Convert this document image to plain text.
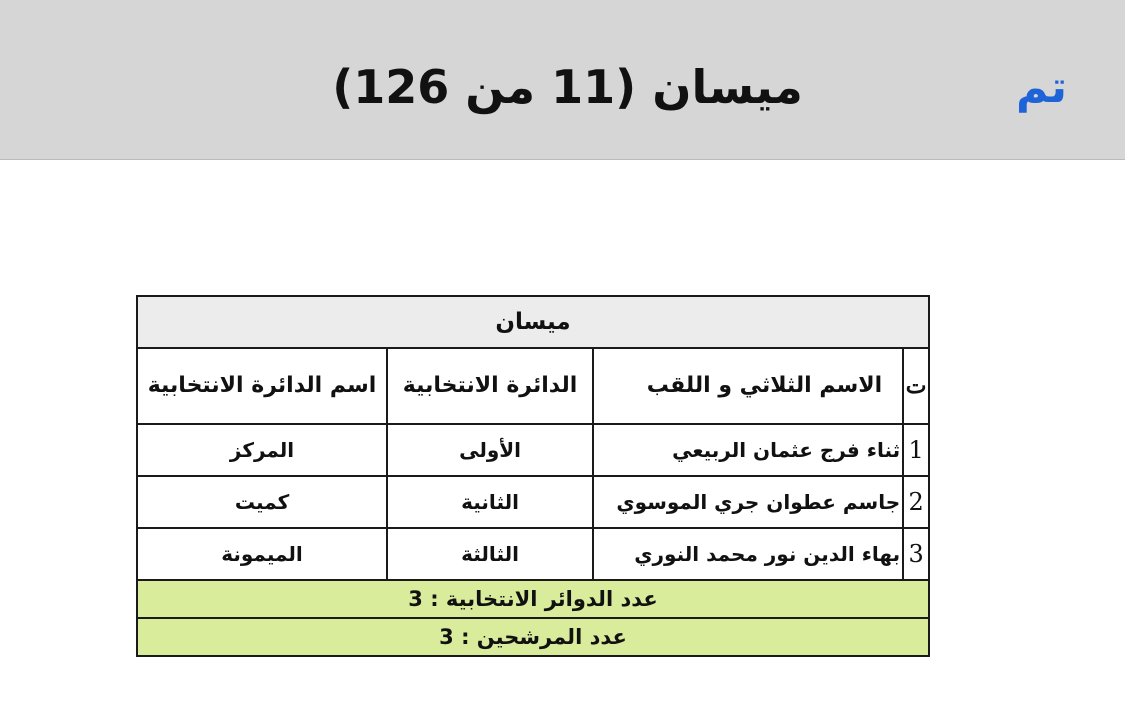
تم
ميسان (11 من 126)
ميسان			
ت	الاسم الثلاثي و اللقب	الدائرة الانتخابية	اسم الدائرة الانتخابية
1	ثناء فرج عثمان الربيعي	الأولى	المركز
2	جاسم عطوان جري الموسوي	الثانية	كميت
3	بهاء الدين نور محمد النوري	الثالثة	الميمونة
عدد الدوائر الانتخابية : 3			
عدد المرشحين : 3			
